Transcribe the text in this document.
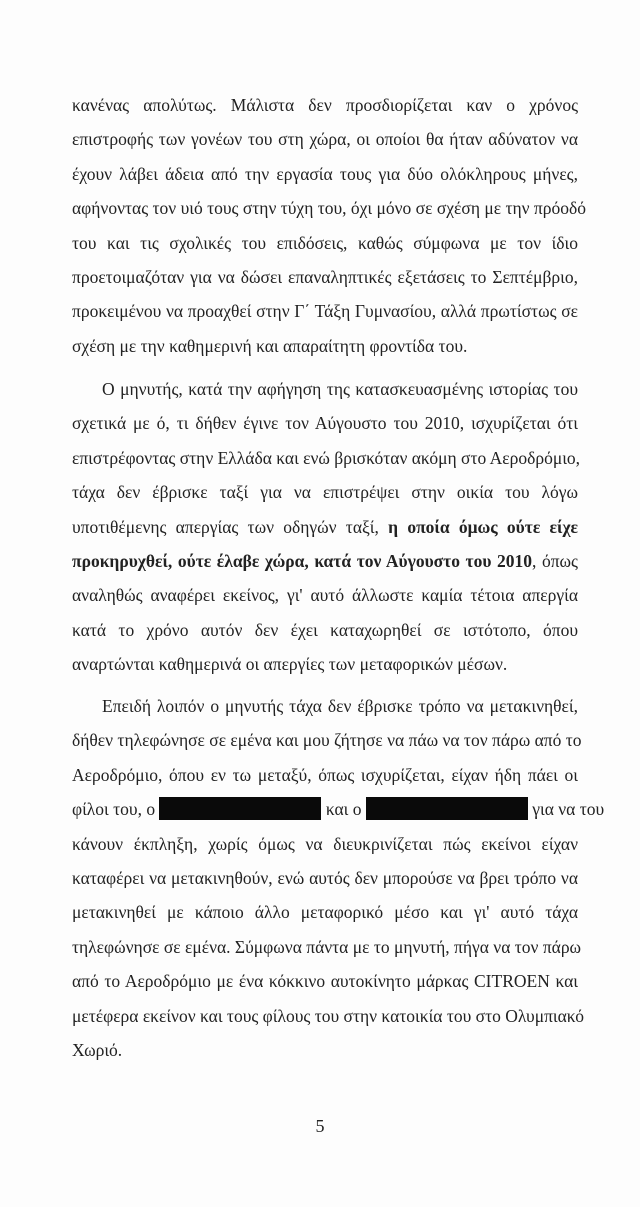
κανένας απολύτως. Μάλιστα δεν προσδιορίζεται καν ο χρόνος
επιστροφής των γονέων του στη χώρα, οι οποίοι θα ήταν αδύνατον να
έχουν λάβει άδεια από την εργασία τους για δύο ολόκληρους μήνες,
αφήνοντας τον υιό τους στην τύχη του, όχι μόνο σε σχέση με την πρόοδό
του και τις σχολικές του επιδόσεις, καθώς σύμφωνα με τον ίδιο
προετοιμαζόταν για να δώσει επαναληπτικές εξετάσεις το Σεπτέμβριο,
προκειμένου να προαχθεί στην Γ΄ Τάξη Γυμνασίου, αλλά πρωτίστως σε
σχέση με την καθημερινή και απαραίτητη φροντίδα του.
Ο μηνυτής, κατά την αφήγηση της κατασκευασμένης ιστορίας του
σχετικά με ό, τι δήθεν έγινε τον Αύγουστο του 2010, ισχυρίζεται ότι
επιστρέφοντας στην Ελλάδα και ενώ βρισκόταν ακόμη στο Αεροδρόμιο,
τάχα δεν έβρισκε ταξί για να επιστρέψει στην οικία του λόγω
υποτιθέμενης απεργίας των οδηγών ταξί, η οποία όμως ούτε είχε
προκηρυχθεί, ούτε έλαβε χώρα, κατά τον Αύγουστο του 2010, όπως
αναληθώς αναφέρει εκείνος, γι' αυτό άλλωστε καμία τέτοια απεργία
κατά το χρόνο αυτόν δεν έχει καταχωρηθεί σε ιστότοπο, όπου
αναρτώνται καθημερινά οι απεργίες των μεταφορικών μέσων.
Επειδή λοιπόν ο μηνυτής τάχα δεν έβρισκε τρόπο να μετακινηθεί,
δήθεν τηλεφώνησε σε εμένα και μου ζήτησε να πάω να τον πάρω από το
Αεροδρόμιο, όπου εν τω μεταξύ, όπως ισχυρίζεται, είχαν ήδη πάει οι
φίλοι του, ο	και ο	για να του
κάνουν έκπληξη, χωρίς όμως να διευκρινίζεται πώς εκείνοι είχαν
καταφέρει να μετακινηθούν, ενώ αυτός δεν μπορούσε να βρει τρόπο να
μετακινηθεί με κάποιο άλλο μεταφορικό μέσο και γι' αυτό τάχα
τηλεφώνησε σε εμένα. Σύμφωνα πάντα με το μηνυτή, πήγα να τον πάρω
από το Αεροδρόμιο με ένα κόκκινο αυτοκίνητο μάρκας CITROEN και
μετέφερα εκείνον και τους φίλους του στην κατοικία του στο Ολυμπιακό
Χωριό.
5
